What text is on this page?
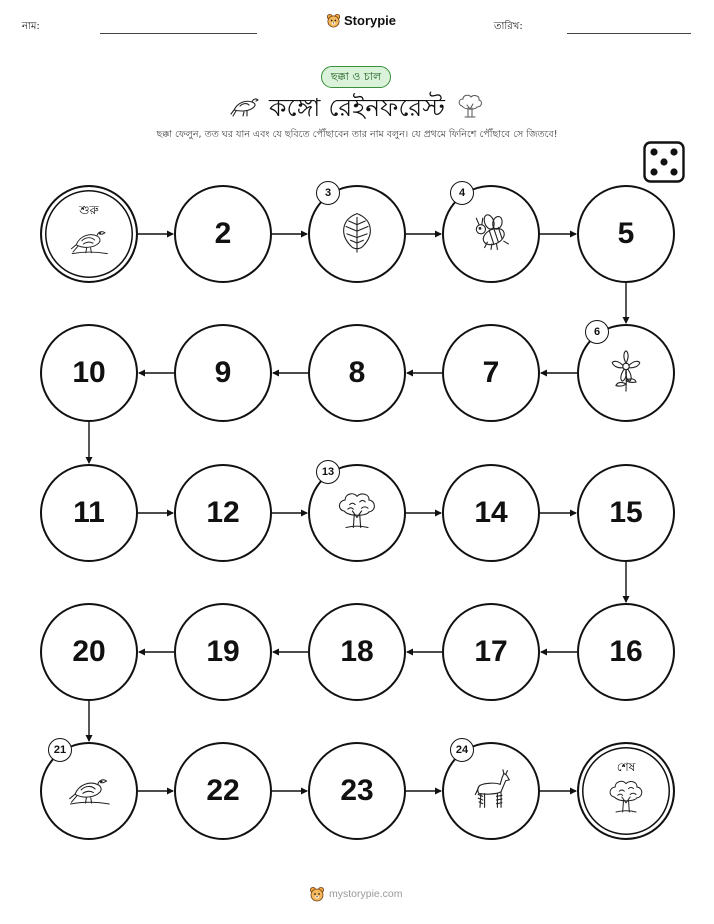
নাম:	Storypie	তারিখ:
ছক্কা ও চাল
কঙ্গো রেইনফরেস্ট
ছক্কা ফেলুন, তত ঘর যান এবং যে ছবিতে পৌঁছাবেন তার নাম বলুন। যে প্রথমে ফিনিশে পৌঁছাবে সে জিতবে!
শুরু
2
3	4
5
6
7
8
9
10
11	12
13
14	15
16
17
18
19
20
21
22	23
24
শেষ
mystorypie.com
